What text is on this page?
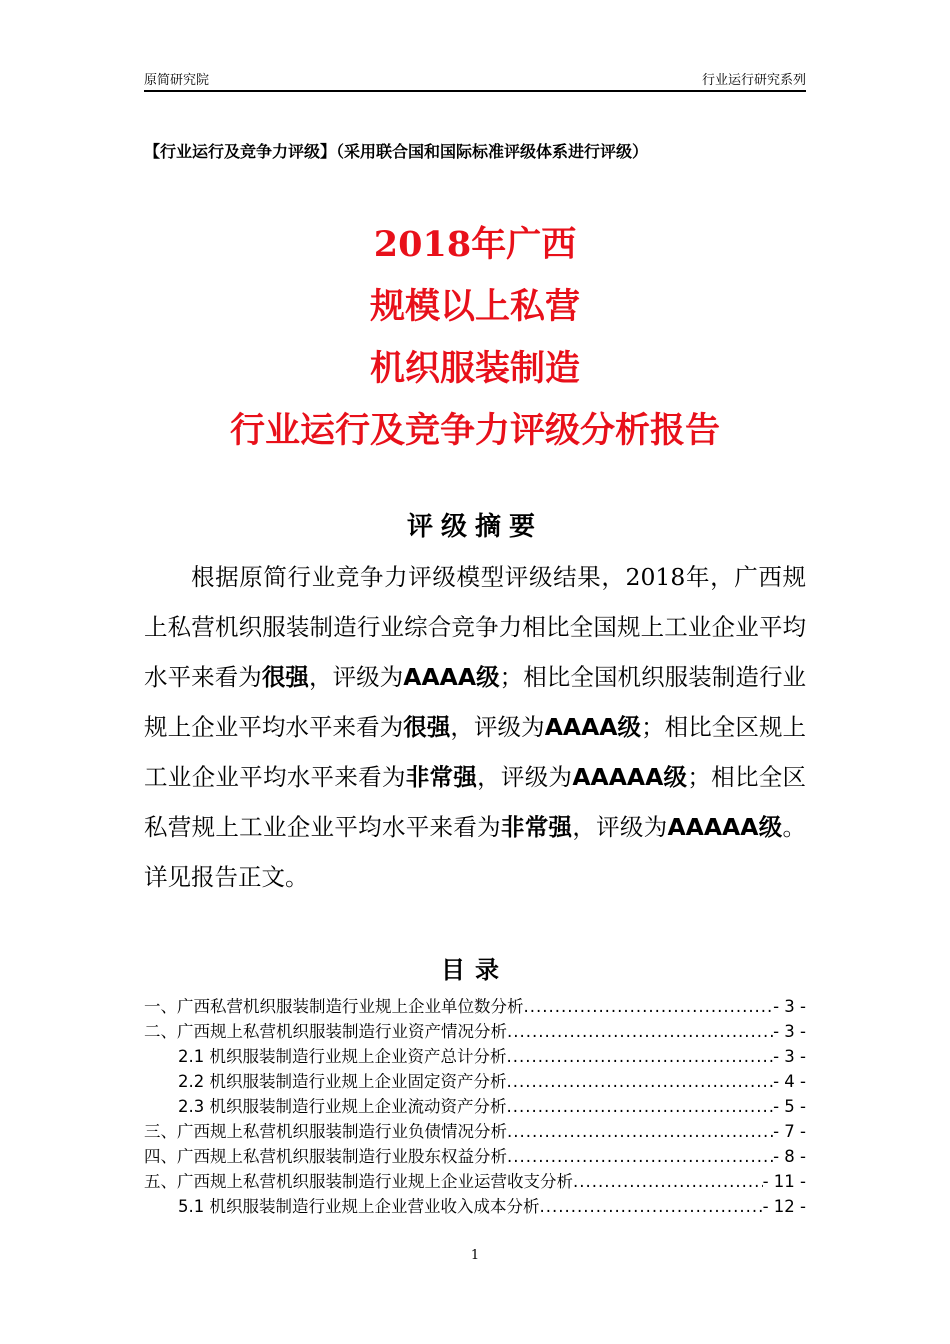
原简研究院	行业运行研究系列
【行业运行及竞争力评级】（采用联合国和国际标准评级体系进行评级）
2018年广西
规模以上私营
机织服装制造
行业运行及竞争力评级分析报告
评级摘要
根据原简行业竞争力评级模型评级结果，2018年，广西规上私营机织服装制造行业综合竞争力相比全国规上工业企业平均水平来看为很强，评级为AAAA级；相比全国机织服装制造行业规上企业平均水平来看为很强，评级为AAAA级；相比全区规上工业企业平均水平来看为非常强，评级为AAAAA级；相比全区私营规上工业企业平均水平来看为非常强，评级为AAAAA级。详见报告正文。
目录
一、广西私营机织服装制造行业规上企业单位数分析 .....	- 3 -
二、广西规上私营机织服装制造行业资产情况分析 .....	- 3 -
2.1 机织服装制造行业规上企业资产总计分析 .....	- 3 -
2.2 机织服装制造行业规上企业固定资产分析 .....	- 4 -
2.3 机织服装制造行业规上企业流动资产分析 .....	- 5 -
三、广西规上私营机织服装制造行业负债情况分析 .....	- 7 -
四、广西规上私营机织服装制造行业股东权益分析 .....	- 8 -
五、广西规上私营机织服装制造行业规上企业运营收支分析 .....	- 11 -
5.1 机织服装制造行业规上企业营业收入成本分析 .....	- 12 -
1
